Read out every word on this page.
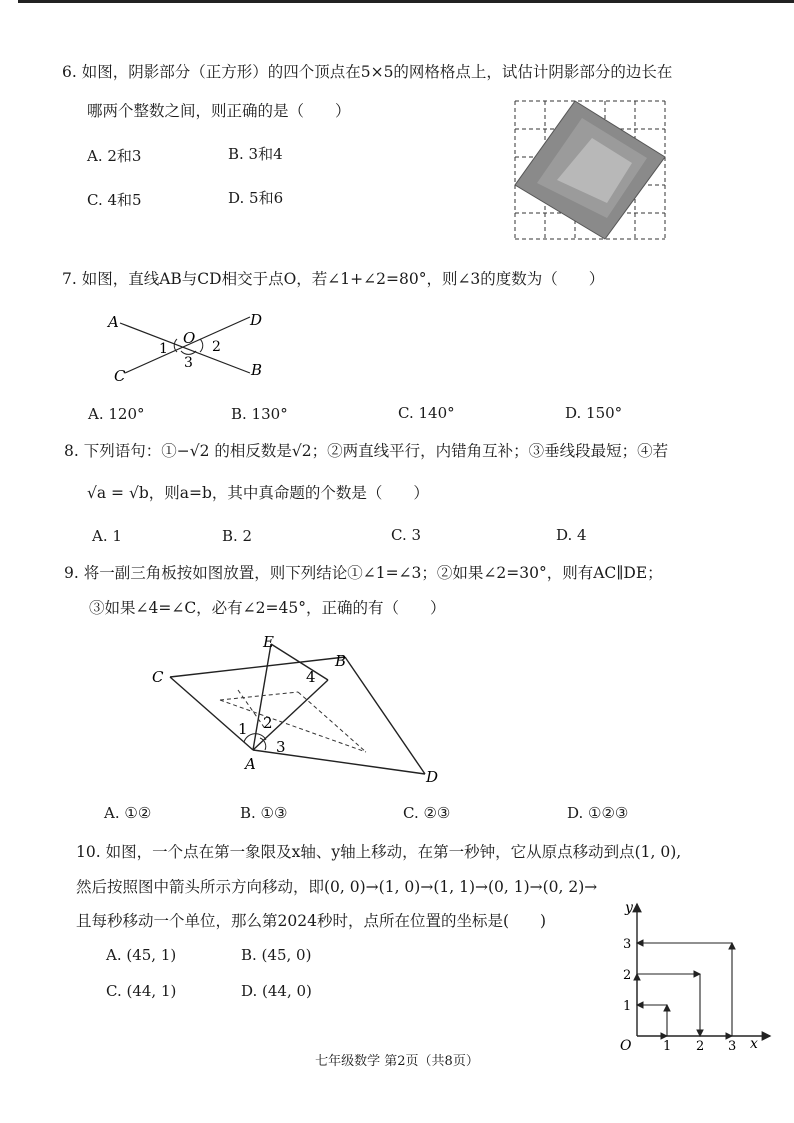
6. 如图，阴影部分（正方形）的四个顶点在5×5的网格格点上，试估计阴影部分的边长在
哪两个整数之间，则正确的是（　　）
A. 2和3	B. 3和4
C. 4和5	D. 5和6
7. 如图，直线AB与CD相交于点O，若∠1+∠2=80°，则∠3的度数为（　　）
A	D
O
1	2
3
C	B
A. 120°	B. 130°	C. 140°	D. 150°
8. 下列语句：①−√2 的相反数是√2；②两直线平行，内错角互补；③垂线段最短；④若
√a = √b，则a=b，其中真命题的个数是（　　）
A. 1	B. 2	C. 3	D. 4
9. 将一副三角板按如图放置，则下列结论①∠1=∠3；②如果∠2=30°，则有AC∥DE；
③如果∠4=∠C，必有∠2=45°，正确的有（　　）
E
B
4
C
2
1
3
A
D
A. ①②	B. ①③	C. ②③	D. ①②③
10. 如图，一个点在第一象限及x轴、y轴上移动，在第一秒钟，它从原点移动到点(1, 0),
然后按照图中箭头所示方向移动，即(0, 0)→(1, 0)→(1, 1)→(0, 1)→(0, 2)→
且每秒移动一个单位，那么第2024秒时，点所在位置的坐标是(　　)
A. (45, 1)	B. (45, 0)
C. (44, 1)	D. (44, 0)
y
3
2
1
O 1 2 3 x
七年级数学 第2页（共8页）
